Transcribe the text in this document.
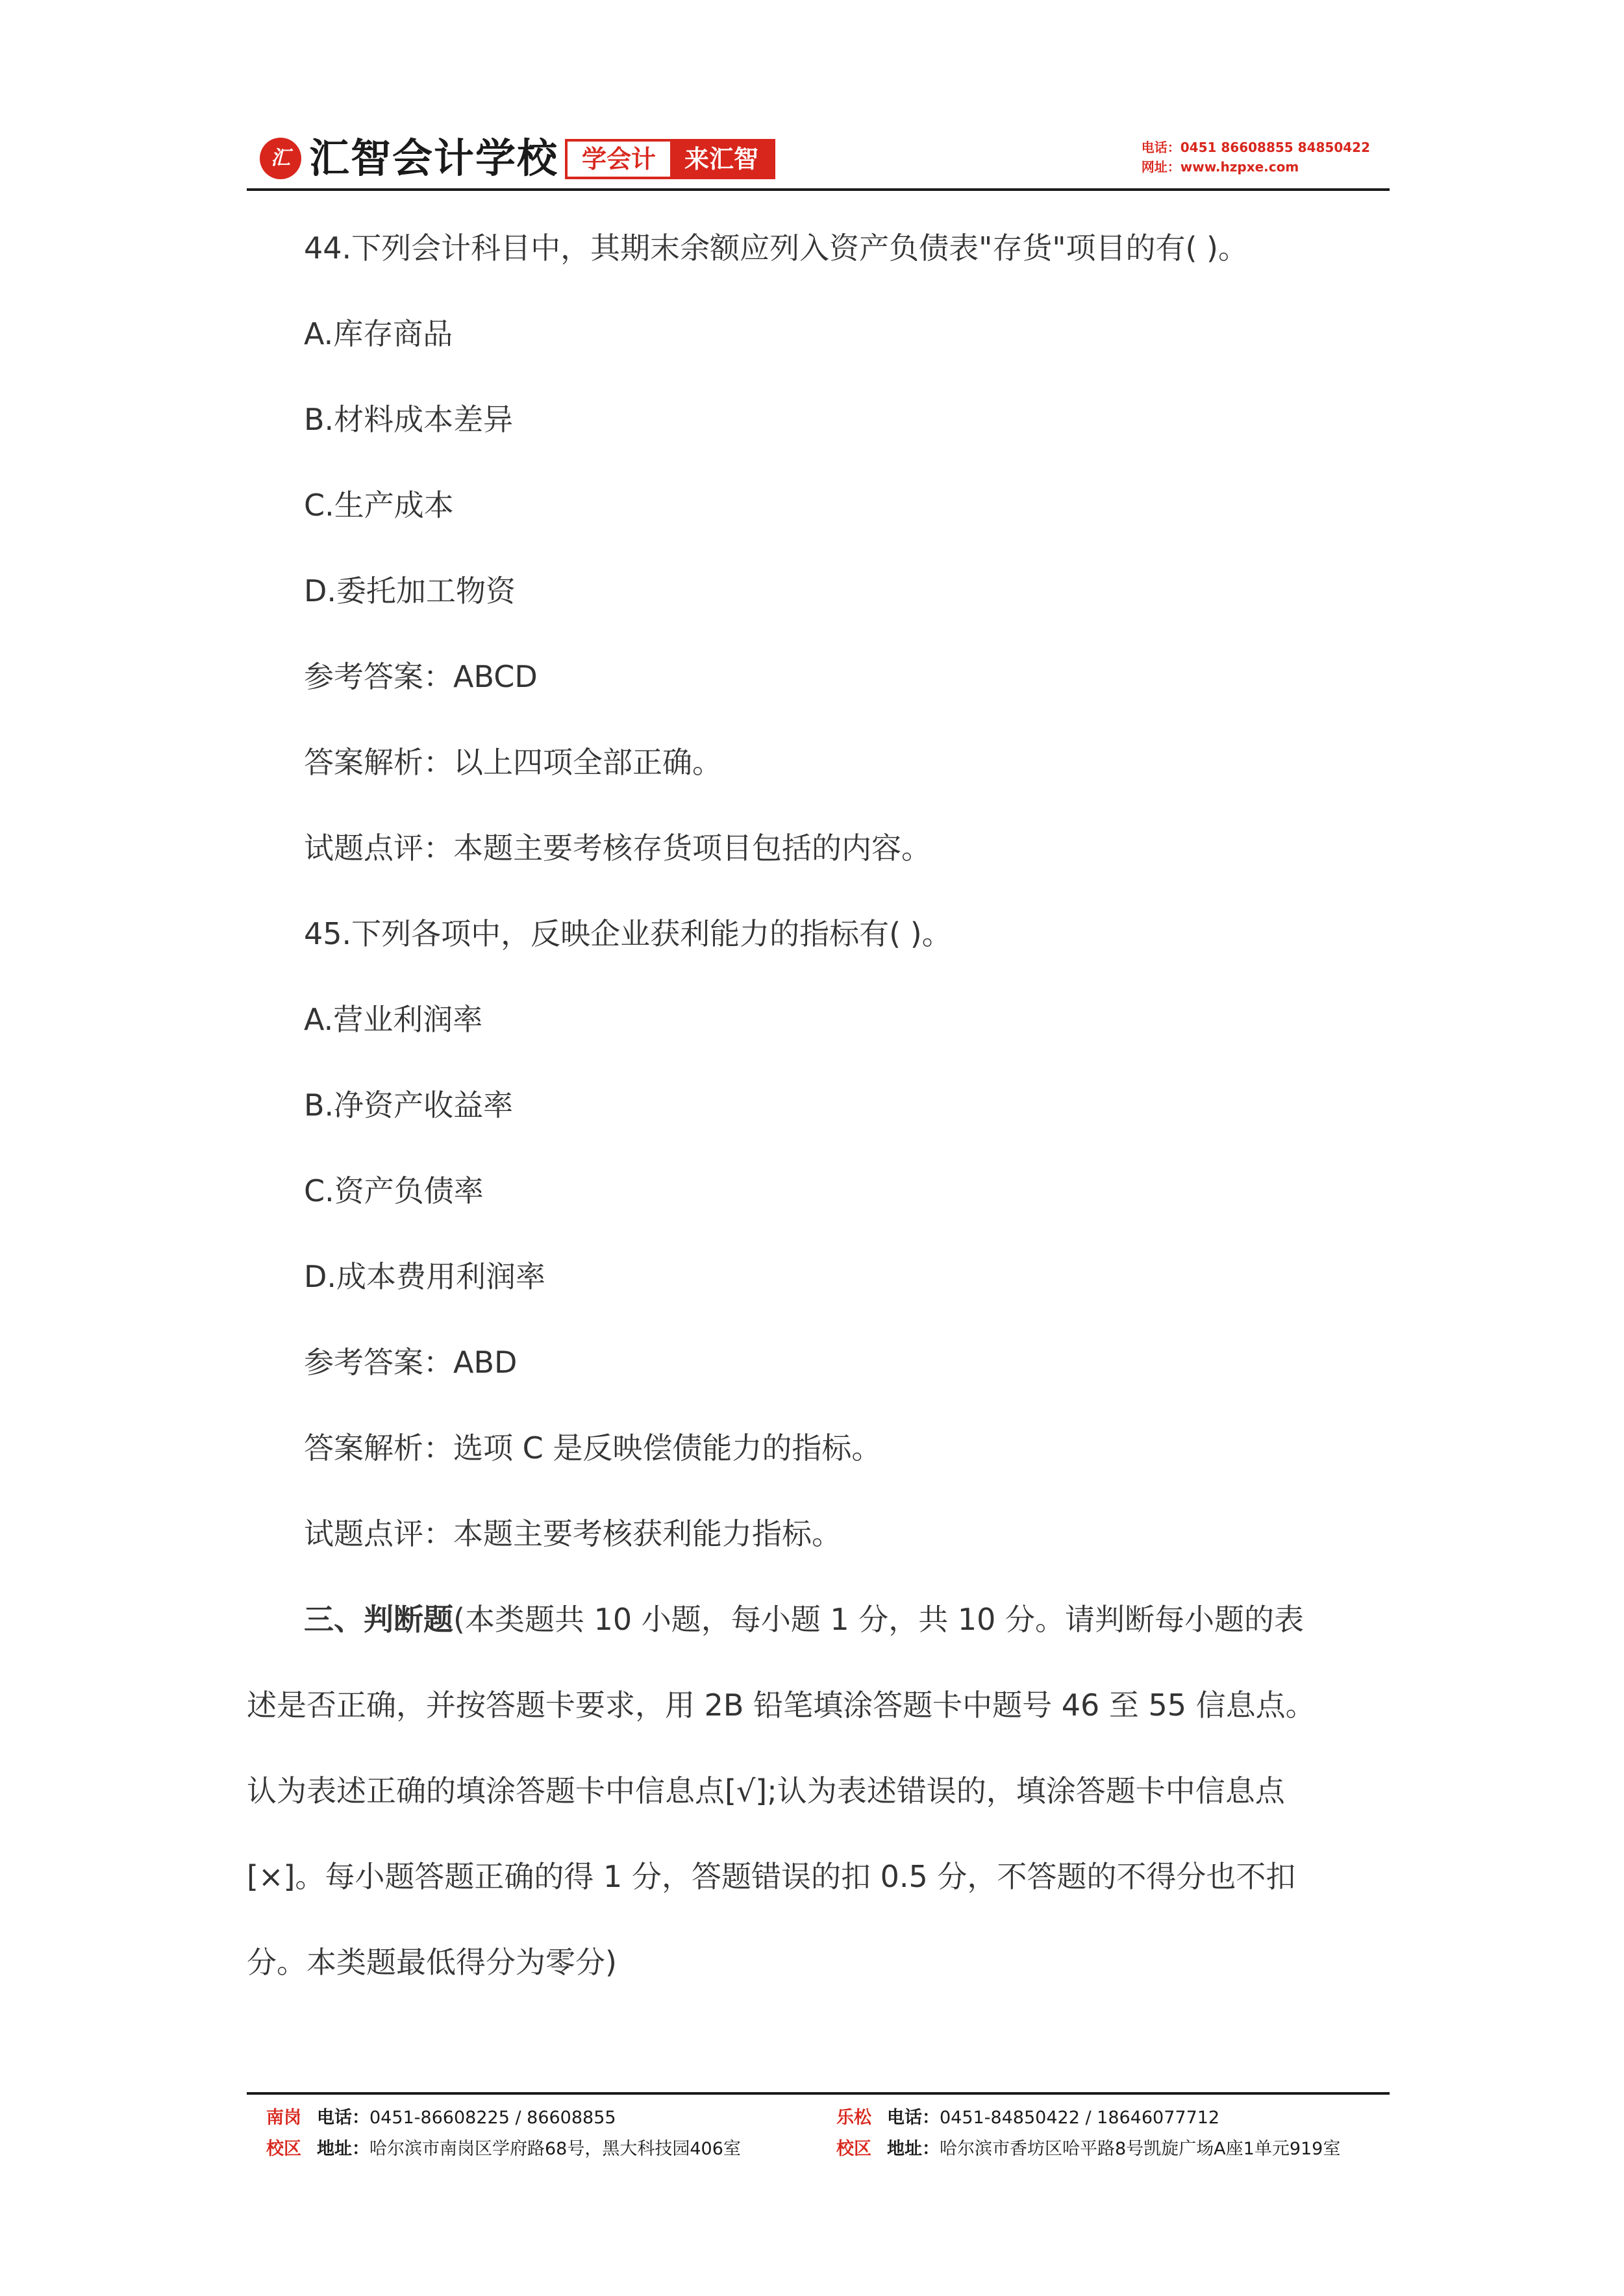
汇 汇智会计学校 学会计	来汇智	电话：0451 86608855 84850422
网址：www.hzpxe.com
44.下列会计科目中，其期末余额应列入资产负债表"存货"项目的有( )。
A.库存商品
B.材料成本差异
C.生产成本
D.委托加工物资
参考答案：ABCD
答案解析：以上四项全部正确。
试题点评：本题主要考核存货项目包括的内容。
45.下列各项中，反映企业获利能力的指标有( )。
A.营业利润率
B.净资产收益率
C.资产负债率
D.成本费用利润率
参考答案：ABD
答案解析：选项 C 是反映偿债能力的指标。
试题点评：本题主要考核获利能力指标。
三、判断题(本类题共 10 小题，每小题 1 分，共 10 分。请判断每小题的表
述是否正确，并按答题卡要求，用 2B 铅笔填涂答题卡中题号 46 至 55 信息点。
认为表述正确的填涂答题卡中信息点[√];认为表述错误的，填涂答题卡中信息点
[×]。每小题答题正确的得 1 分，答题错误的扣 0.5 分，不答题的不得分也不扣
分。本类题最低得分为零分)
南岗 电话：0451-86608225 / 86608855
校区 地址：哈尔滨市南岗区学府路68号，黑大科技园406室
乐松 电话：0451-84850422 / 18646077712
校区 地址：哈尔滨市香坊区哈平路8号凯旋广场A座1单元919室
